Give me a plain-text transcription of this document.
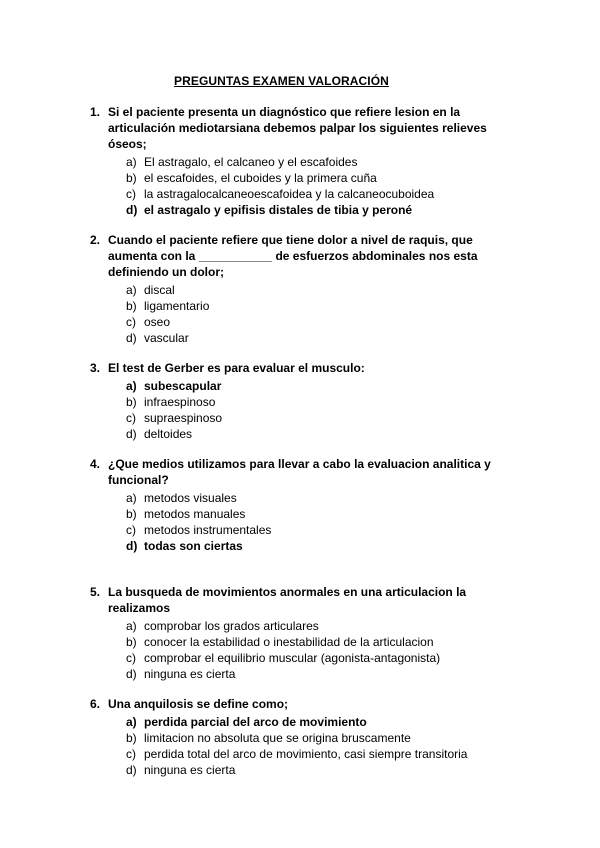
PREGUNTAS EXAMEN VALORACIÓN
1. Si el paciente presenta un diagnóstico que refiere lesion en la articulación mediotarsiana debemos palpar los siguientes relieves óseos;
a) El astragalo, el calcaneo y el escafoides
b) el escafoides, el cuboides y la primera cuña
c) la astragalocalcaneoescafoidea y la calcaneocuboidea
d) el astragalo y epifisis distales de tibia y peroné
2. Cuando el paciente refiere que tiene dolor a nivel de raquis, que aumenta con la ___________ de esfuerzos abdominales nos esta definiendo un dolor;
a) discal
b) ligamentario
c) oseo
d) vascular
3. El test de Gerber es para evaluar el musculo:
a) subescapular
b) infraespinoso
c) supraespinoso
d) deltoides
4. ¿Que medios utilizamos para llevar a cabo la evaluacion analitica y funcional?
a) metodos visuales
b) metodos manuales
c) metodos instrumentales
d) todas son ciertas
5. La busqueda de movimientos anormales en una articulacion la realizamos
a) comprobar los grados articulares
b) conocer la estabilidad o inestabilidad de la articulacion
c) comprobar el equilibrio muscular (agonista-antagonista)
d) ninguna es cierta
6. Una anquilosis se define como;
a) perdida parcial del arco de movimiento
b) limitacion no absoluta que se origina bruscamente
c) perdida total del arco de movimiento, casi siempre transitoria
d) ninguna es cierta
